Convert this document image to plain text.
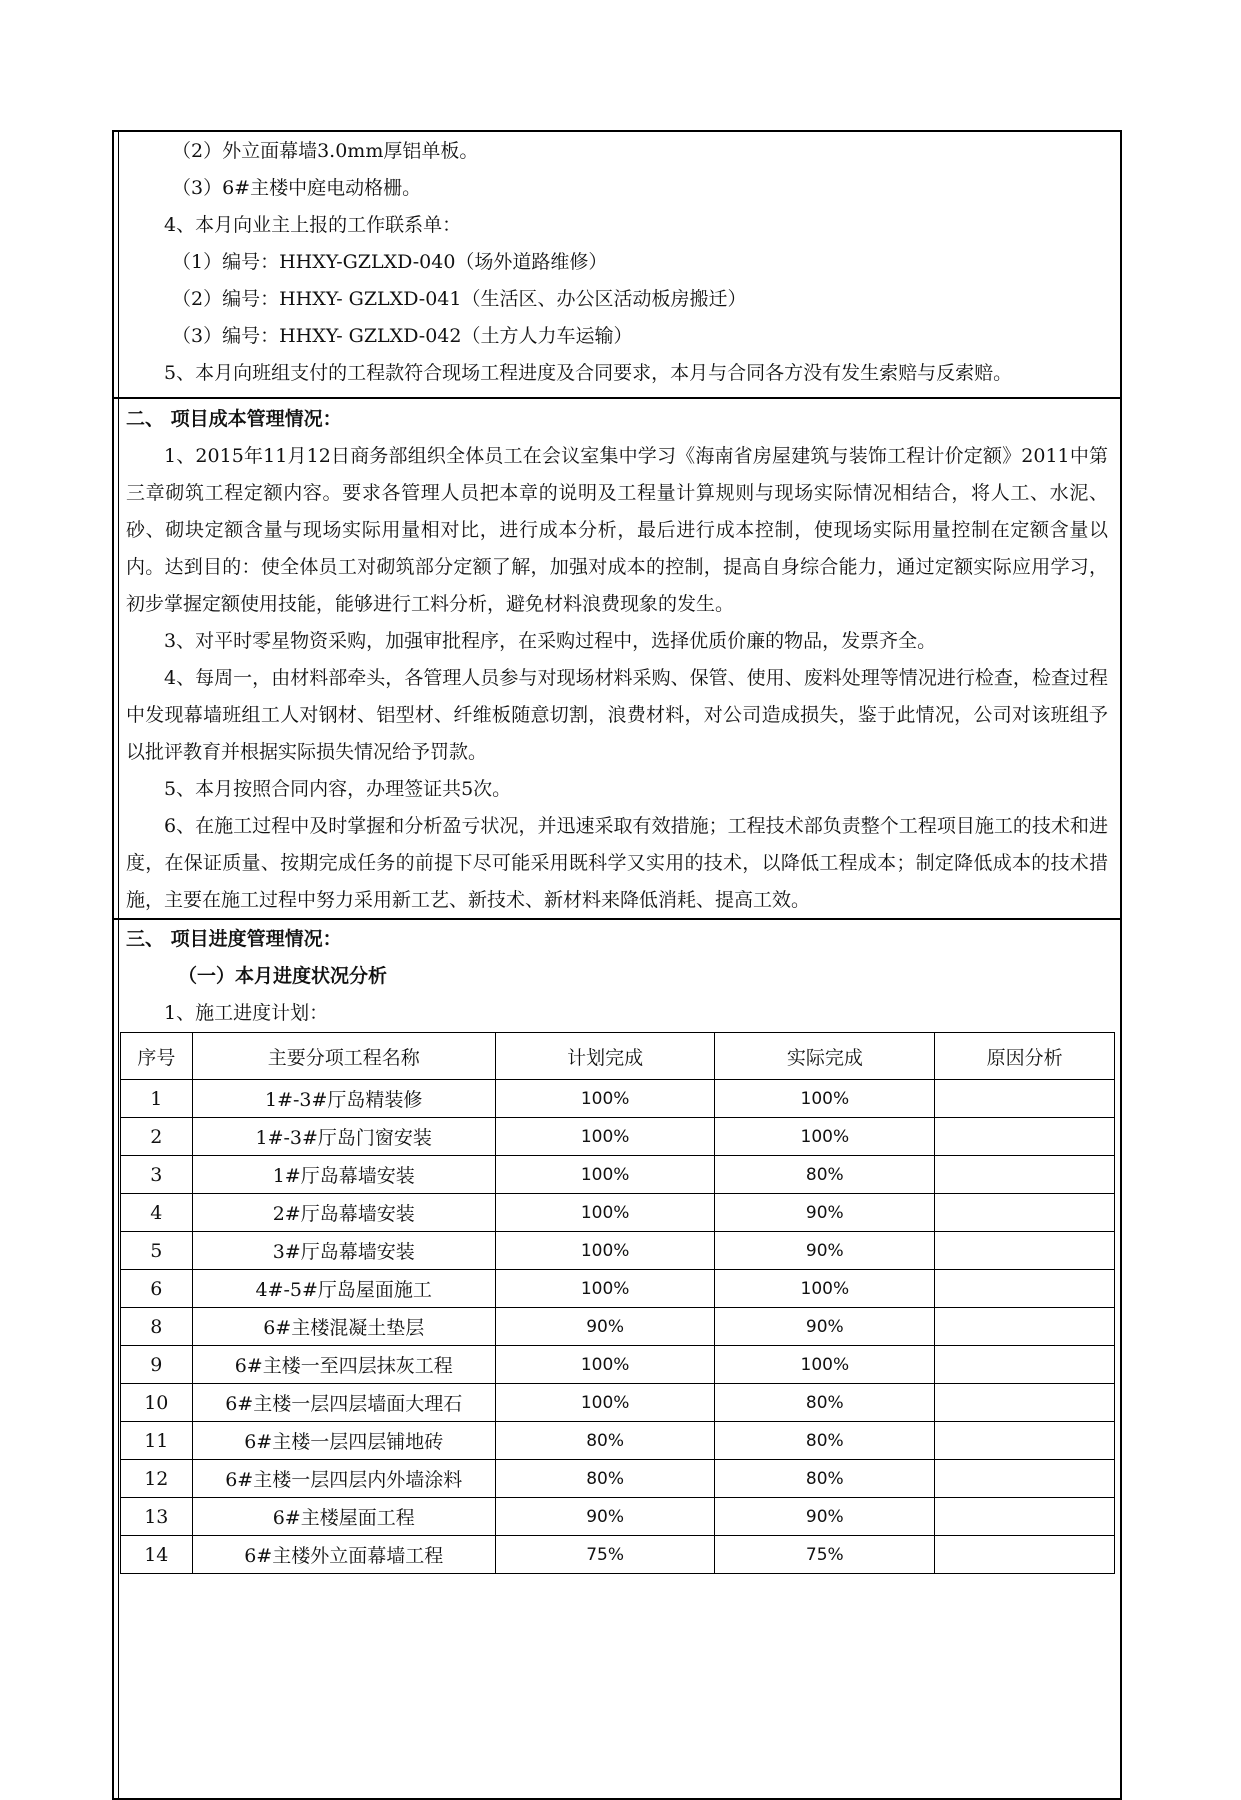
（2）外立面幕墙3.0mm厚铝单板。
（3）6#主楼中庭电动格栅。
4、本月向业主上报的工作联系单：
（1）编号：HHXY-GZLXD-040（场外道路维修）
（2）编号：HHXY- GZLXD-041（生活区、办公区活动板房搬迁）
（3）编号：HHXY- GZLXD-042（土方人力车运输）
5、本月向班组支付的工程款符合现场工程进度及合同要求，本月与合同各方没有发生索赔与反索赔。
二、 项目成本管理情况：
1、2015年11月12日商务部组织全体员工在会议室集中学习《海南省房屋建筑与装饰工程计价定额》2011中第三章砌筑工程定额内容。要求各管理人员把本章的说明及工程量计算规则与现场实际情况相结合，将人工、水泥、砂、砌块定额含量与现场实际用量相对比，进行成本分析，最后进行成本控制，使现场实际用量控制在定额含量以内。达到目的：使全体员工对砌筑部分定额了解，加强对成本的控制，提高自身综合能力，通过定额实际应用学习，初步掌握定额使用技能，能够进行工料分析，避免材料浪费现象的发生。
3、对平时零星物资采购，加强审批程序，在采购过程中，选择优质价廉的物品，发票齐全。
4、每周一，由材料部牵头，各管理人员参与对现场材料采购、保管、使用、废料处理等情况进行检查，检查过程中发现幕墙班组工人对钢材、铝型材、纤维板随意切割，浪费材料，对公司造成损失，鉴于此情况，公司对该班组予以批评教育并根据实际损失情况给予罚款。
5、本月按照合同内容，办理签证共5次。
6、在施工过程中及时掌握和分析盈亏状况，并迅速采取有效措施；工程技术部负责整个工程项目施工的技术和进度，在保证质量、按期完成任务的前提下尽可能采用既科学又实用的技术，以降低工程成本；制定降低成本的技术措施，主要在施工过程中努力采用新工艺、新技术、新材料来降低消耗、提高工效。
三、 项目进度管理情况：
（一）本月进度状况分析
1、施工进度计划：
序号	主要分项工程名称	计划完成	实际完成	原因分析
1	1#-3#厅岛精装修	100%	100%	
2	1#-3#厅岛门窗安装	100%	100%	
3	1#厅岛幕墙安装	100%	80%	
4	2#厅岛幕墙安装	100%	90%	
5	3#厅岛幕墙安装	100%	90%	
6	4#-5#厅岛屋面施工	100%	100%	
8	6#主楼混凝土垫层	90%	90%	
9	6#主楼一至四层抹灰工程	100%	100%	
10	6#主楼一层四层墙面大理石	100%	80%	
11	6#主楼一层四层铺地砖	80%	80%	
12	6#主楼一层四层内外墙涂料	80%	80%	
13	6#主楼屋面工程	90%	90%	
14	6#主楼外立面幕墙工程	75%	75%	
